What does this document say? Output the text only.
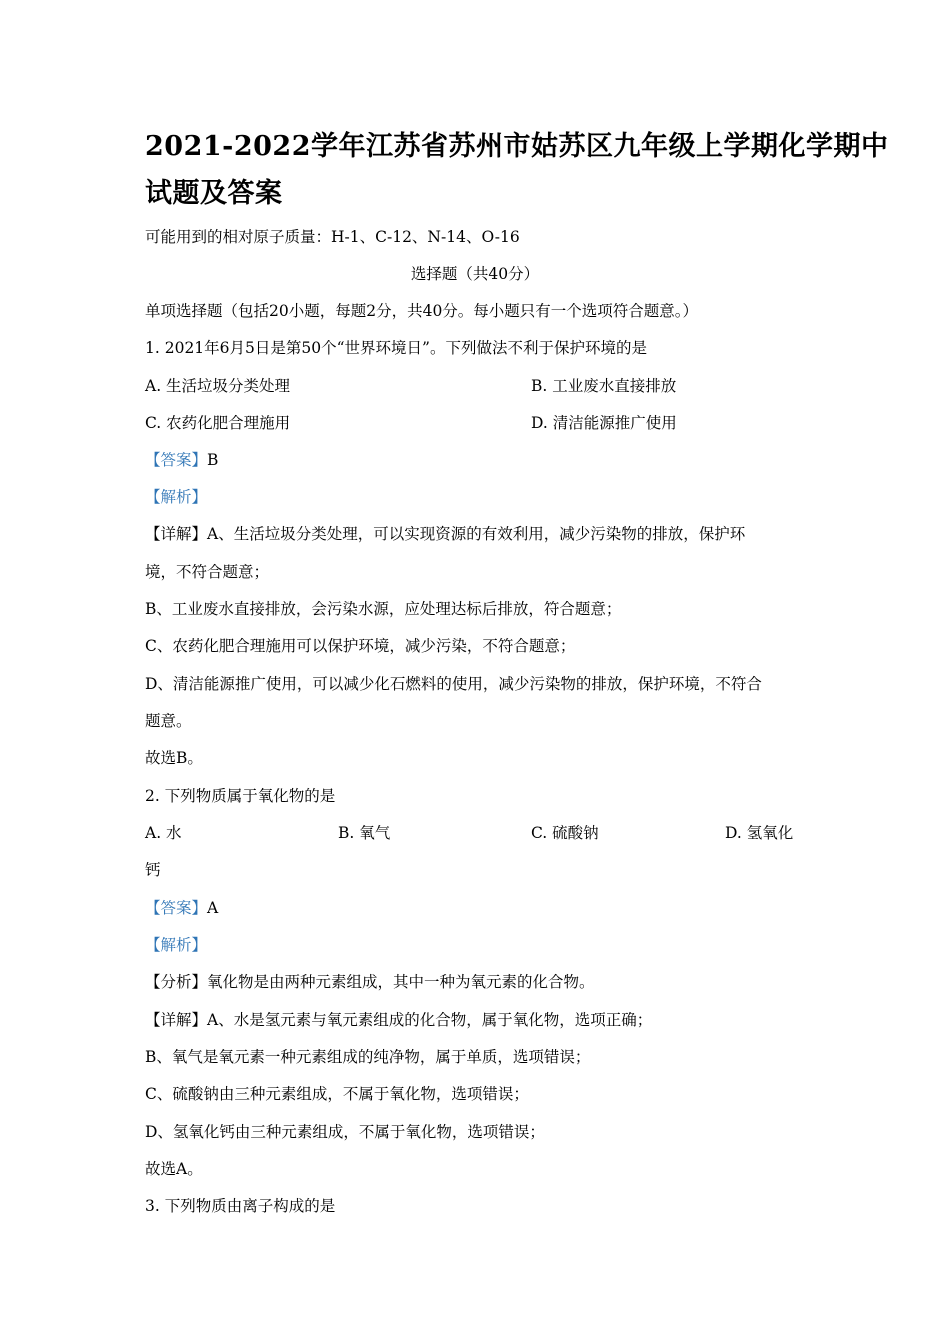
2021-2022学年江苏省苏州市姑苏区九年级上学期化学期中
试题及答案
可能用到的相对原子质量：H-1、C-12、N-14、O-16
选择题（共40分）
单项选择题（包括20小题，每题2分，共40分。每小题只有一个选项符合题意。）
1. 2021年6月5日是第50个“世界环境日”。下列做法不利于保护环境的是
A. 生活垃圾分类处理	B. 工业废水直接排放
C. 农药化肥合理施用	D. 清洁能源推广使用
【答案】B
【解析】
【详解】A、生活垃圾分类处理，可以实现资源的有效利用，减少污染物的排放，保护环
境，不符合题意；
B、工业废水直接排放，会污染水源，应处理达标后排放，符合题意；
C、农药化肥合理施用可以保护环境，减少污染，不符合题意；
D、清洁能源推广使用，可以减少化石燃料的使用，减少污染物的排放，保护环境，不符合
题意。
故选B。
2. 下列物质属于氧化物的是
A. 水	B. 氧气	C. 硫酸钠	D. 氢氧化
钙
【答案】A
【解析】
【分析】氧化物是由两种元素组成，其中一种为氧元素的化合物。
【详解】A、水是氢元素与氧元素组成的化合物，属于氧化物，选项正确；
B、氧气是氧元素一种元素组成的纯净物，属于单质，选项错误；
C、硫酸钠由三种元素组成，不属于氧化物，选项错误；
D、氢氧化钙由三种元素组成，不属于氧化物，选项错误；
故选A。
3. 下列物质由离子构成的是
